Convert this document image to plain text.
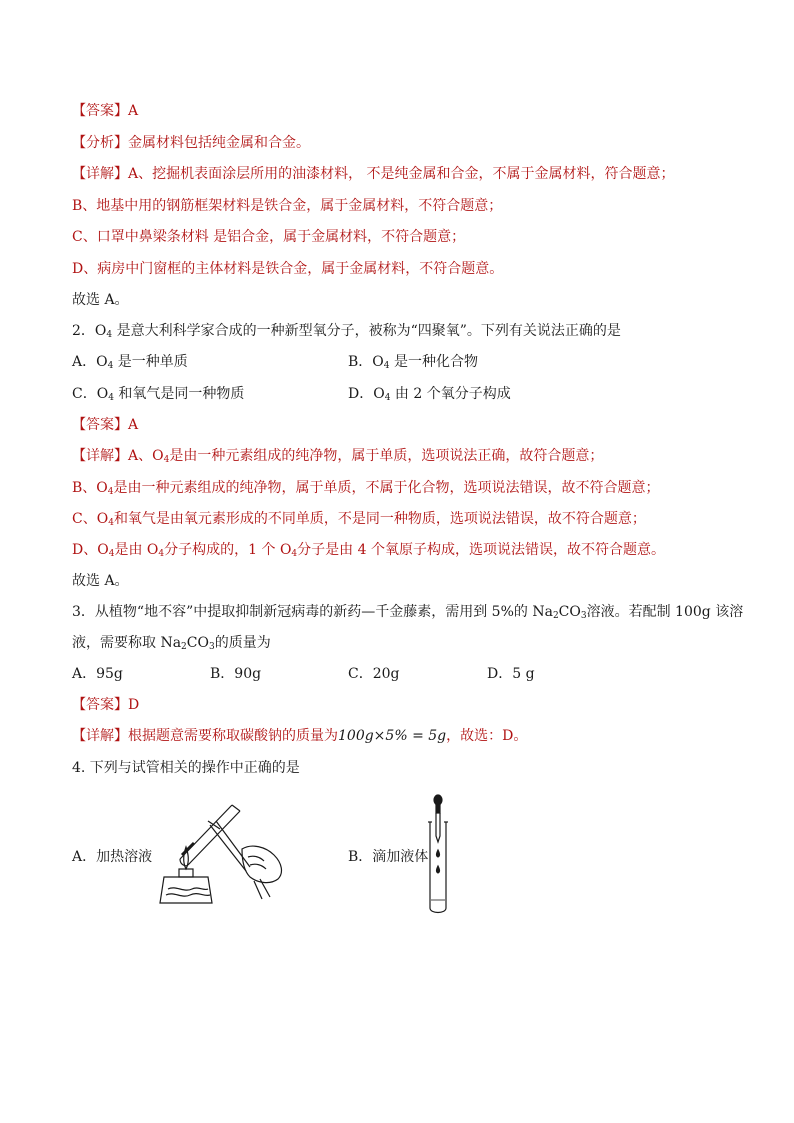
【答案】A
【分析】金属材料包括纯金属和合金。
【详解】A、挖掘机表面涂层所用的油漆材料， 不是纯金属和合金，不属于金属材料，符合题意；
B、地基中用的钢筋框架材料是铁合金，属于金属材料，不符合题意；
C、口罩中鼻梁条材料 是铝合金，属于金属材料，不符合题意；
D、病房中门窗框的主体材料是铁合金，属于金属材料，不符合题意。
故选 A。
2．$O_4$ 是意大利科学家合成的一种新型氧分子，被称为“四聚氧”。下列有关说法正确的是
A．$O_4$ 是一种单质	B．$O_4$ 是一种化合物
C．$O_4$ 和氧气是同一种物质	D．$O_4$ 由 2 个氧分子构成
【答案】A
【详解】A、$O_4$是由一种元素组成的纯净物，属于单质，选项说法正确，故符合题意；
B、$O_4$是由一种元素组成的纯净物，属于单质，不属于化合物，选项说法错误，故不符合题意；
C、$O_4$和氧气是由氧元素形成的不同单质，不是同一种物质，选项说法错误，故不符合题意；
D、$O_4$是由 $O_4$分子构成的，1 个 $O_4$分子是由 4 个氧原子构成，选项说法错误，故不符合题意。
故选 A。
3．从植物“地不容”中提取抑制新冠病毒的新药—千金藤素，需用到 5%的 $Na_2CO_3$溶液。若配制 100g 该溶
液，需要称取 $Na_2CO_3$的质量为
A．95g	B．90g	C．20g	D．5 g
【答案】D
【详解】根据题意需要称取碳酸钠的质量为100g×5% = 5g，故选：D。
4. 下列与试管相关的操作中正确的是
A．加热溶液	B．滴加液体
